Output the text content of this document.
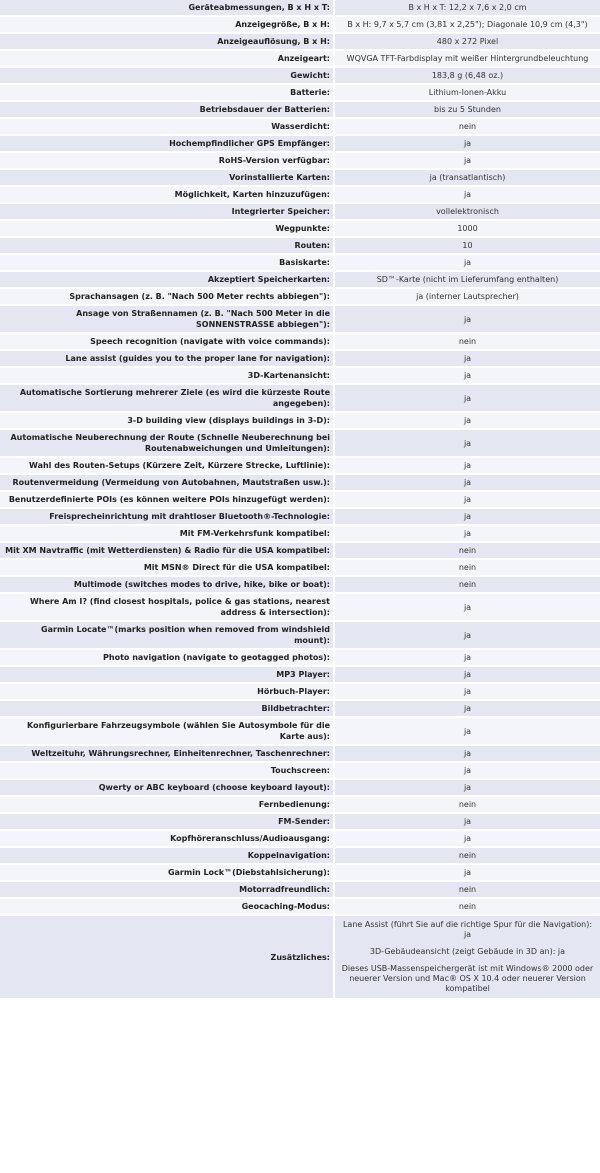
Geräteabmessungen, B x H x T:	B x H x T: 12,2 x 7,6 x 2,0 cm
Anzeigegröße, B x H:	B x H: 9,7 x 5,7 cm (3,81 x 2,25"); Diagonale 10,9 cm (4,3")
Anzeigeauflösung, B x H:	480 x 272 Pixel
Anzeigeart:	WQVGA TFT-Farbdisplay mit weißer Hintergrundbeleuchtung
Gewicht:	183,8 g (6,48 oz.)
Batterie:	Lithium-Ionen-Akku
Betriebsdauer der Batterien:	bis zu 5 Stunden
Wasserdicht:	nein
Hochempfindlicher GPS Empfänger:	ja
RoHS-Version verfügbar:	ja
Vorinstallierte Karten:	ja (transatlantisch)
Möglichkeit, Karten hinzuzufügen:	ja
Integrierter Speicher:	vollelektronisch
Wegpunkte:	1000
Routen:	10
Basiskarte:	ja
Akzeptiert Speicherkarten:	SD™-Karte (nicht im Lieferumfang enthalten)
Sprachansagen (z. B. "Nach 500 Meter rechts abbiegen"):	ja (interner Lautsprecher)
Ansage von Straßennamen (z. B. "Nach 500 Meter in die SONNENSTRASSE abbiegen"):	ja
Speech recognition (navigate with voice commands):	nein
Lane assist (guides you to the proper lane for navigation):	ja
3D-Kartenansicht:	ja
Automatische Sortierung mehrerer Ziele (es wird die kürzeste Route angegeben):	ja
3-D building view (displays buildings in 3-D):	ja
Automatische Neuberechnung der Route (Schnelle Neuberechnung bei Routenabweichungen und Umleitungen):	ja
Wahl des Routen-Setups (Kürzere Zeit, Kürzere Strecke, Luftlinie):	ja
Routenvermeidung (Vermeidung von Autobahnen, Mautstraßen usw.):	ja
Benutzerdefinierte POIs (es können weitere POIs hinzugefügt werden):	ja
Freisprecheinrichtung mit drahtloser Bluetooth®-Technologie:	ja
Mit FM-Verkehrsfunk kompatibel:	ja
Mit XM Navtraffic (mit Wetterdiensten) & Radio für die USA kompatibel:	nein
Mit MSN® Direct für die USA kompatibel:	nein
Multimode (switches modes to drive, hike, bike or boat):	nein
Where Am I? (find closest hospitals, police & gas stations, nearest address & intersection):	ja
Garmin Locate™(marks position when removed from windshield mount):	ja
Photo navigation (navigate to geotagged photos):	ja
MP3 Player:	ja
Hörbuch-Player:	ja
Bildbetrachter:	ja
Konfigurierbare Fahrzeugsymbole (wählen Sie Autosymbole für die Karte aus):	ja
Weltzeituhr, Währungsrechner, Einheitenrechner, Taschenrechner:	ja
Touchscreen:	ja
Qwerty or ABC keyboard (choose keyboard layout):	ja
Fernbedienung:	nein
FM-Sender:	ja
Kopfhöreranschluss/Audioausgang:	ja
Koppelnavigation:	nein
Garmin Lock™(Diebstahlsicherung):	ja
Motorradfreundlich:	nein
Geocaching-Modus:	nein
Zusätzliches:	Lane Assist (führt Sie auf die richtige Spur für die Navigation): ja

3D-Gebäudeansicht (zeigt Gebäude in 3D an): ja

Dieses USB-Massenspeichergerät ist mit Windows® 2000 oder neuerer Version und Mac® OS X 10.4 oder neuerer Version kompatibel
